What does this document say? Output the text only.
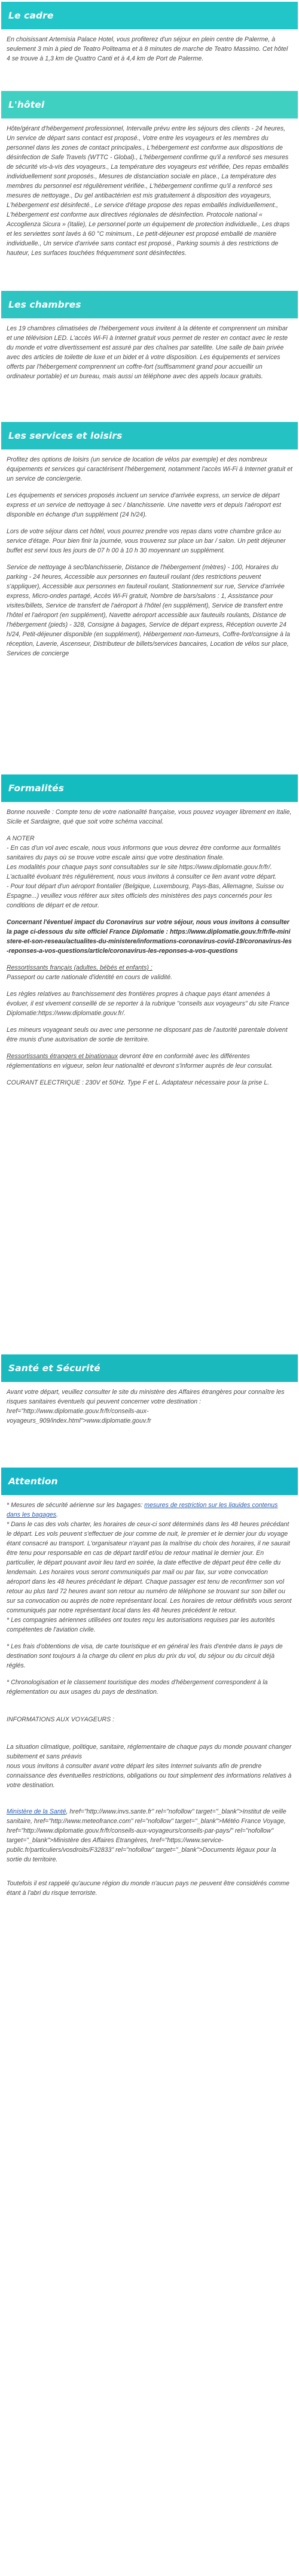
Le cadre

En choisissant Artemisia Palace Hotel, vous profiterez d'un séjour en plein centre de Palerme, à seulement 3 min à pied de Teatro Politeama et à 8 minutes de marche de Teatro Massimo. Cet hôtel 4 se trouve à 1,3 km de Quattro Canti et à 4,4 km de Port de Palerme.

L'hôtel

Hôte/gérant d'hébergement professionnel, Intervalle prévu entre les séjours des clients - 24 heures, Un service de départ sans contact est proposé., Votre entre les voyageurs et les membres du personnel dans les zones de contact principales., L'hébergement est conforme aux dispositions de désinfection de Safe Travels (WTTC - Global)., L'hébergement confirme qu'il a renforcé ses mesures de sécurité vis-à-vis des voyageurs., La température des voyageurs est vérifiée, Des repas emballés individuellement sont proposés., Mesures de distanciation sociale en place., La température des membres du personnel est régulièrement vérifiée., L'hébergement confirme qu'il a renforcé ses mesures de nettoyage., Du gel antibactérien est mis gratuitement à disposition des voyageurs, L'hébergement est désinfecté., Le service d'étage propose des repas emballés individuellement., L'hébergement est conforme aux directives régionales de désinfection. Protocole national « Accoglienza Sicura » (Italie), Le personnel porte un équipement de protection individuelle., Les draps et les serviettes sont lavés à 60 °C minimum., Le petit-déjeuner est proposé emballé de manière individuelle., Un service d'arrivée sans contact est proposé., Parking soumis à des restrictions de hauteur, Les surfaces touchées fréquemment sont désinfectées.

Les chambres

Les 19 chambres climatisées de l'hébergement vous invitent à la détente et comprennent un minibar et une télévision LED. L'accès Wi-Fi à Internet gratuit vous permet de rester en contact avec le reste du monde et votre divertissement est assuré par des chaînes par satellite. Une salle de bain privée avec des articles de toilette de luxe et un bidet et à votre disposition. Les équipements et services offerts par l'hébergement comprennent un coffre-fort (suffisamment grand pour accueillir un ordinateur portable) et un bureau, mais aussi un téléphone avec des appels locaux gratuits.

Les services et loisirs

Profitez des options de loisirs (un service de location de vélos par exemple) et des nombreux équipements et services qui caractérisent l'hébergement, notamment l'accès Wi-Fi à Internet gratuit et un service de conciergerie.

Les équipements et services proposés incluent un service d'arrivée express, un service de départ express et un service de nettoyage à sec / blanchisserie. Une navette vers et depuis l'aéroport est disponible en échange d'un supplément (24 h/24).

Lors de votre séjour dans cet hôtel, vous pourrez prendre vos repas dans votre chambre grâce au service d'étage. Pour bien finir la journée, vous trouverez sur place un bar / salon. Un petit déjeuner buffet est servi tous les jours de 07 h 00 à 10 h 30 moyennant un supplément.

Service de nettoyage à sec/blanchisserie, Distance de l'hébergement (mètres) - 100, Horaires du parking - 24 heures, Accessible aux personnes en fauteuil roulant (des restrictions peuvent s'appliquer), Accessible aux personnes en fauteuil roulant, Stationnement sur rue, Service d'arrivée express, Micro-ondes partagé, Accès Wi-Fi gratuit, Nombre de bars/salons : 1, Assistance pour visites/billets, Service de transfert de l'aéroport à l'hôtel (en supplément), Service de transfert entre l'hôtel et l'aéroport (en supplément), Navette aéroport accessible aux fauteuils roulants, Distance de l'hébergement (pieds) - 328, Consigne à bagages, Service de départ express, Réception ouverte 24 h/24, Petit-déjeuner disponible (en supplément), Hébergement non-fumeurs, Coffre-fort/consigne à la réception, Laverie, Ascenseur, Distributeur de billets/services bancaires, Location de vélos sur place, Services de concierge

Formalités

Bonne nouvelle : Compte tenu de votre nationalité française, vous pouvez voyager librement en Italie, Sicile et Sardaigne, qué que soit votre schéma vaccinal.

A NOTER
- En cas d'un vol avec escale, nous vous informons que vous devrez être conforme aux formalités sanitaires du pays où se trouve votre escale ainsi que votre destination finale.
Les modalités pour chaque pays sont consultables sur le site https://www.diplomatie.gouv.fr/fr/. L'actualité évoluant très régulièrement, nous vous invitons à consulter ce lien avant votre départ.
- Pour tout départ d'un aéroport frontalier (Belgique, Luxembourg, Pays-Bas, Allemagne, Suisse ou Espagne...) veuillez vous référer aux sites officiels des ministères des pays concernés pour les conditions de départ et de retour.

Concernant l'éventuel impact du Coronavirus sur votre séjour, nous vous invitons à consulter la page ci-dessous du site officiel France Diplomatie : https://www.diplomatie.gouv.fr/fr/le-ministere-et-son-reseau/actualites-du-ministere/informations-coronavirus-covid-19/coronavirus-les-reponses-a-vos-questions/article/coronavirus-les-reponses-a-vos-questions

Ressortissants français (adultes, bébés et enfants) :
Passeport ou carte nationale d'identité en cours de validité.

Les règles relatives au franchissement des frontières propres à chaque pays étant amenées à évoluer, il est vivement conseillé de se reporter à la rubrique "conseils aux voyageurs" du site France Diplomatie:https://www.diplomatie.gouv.fr/.

Les mineurs voyageant seuls ou avec une personne ne disposant pas de l'autorité parentale doivent être munis d'une autorisation de sortie de territoire.

Ressortissants étrangers et binationaux devront être en conformité avec les différentes réglementations en vigueur, selon leur nationalité et devront s'informer auprès de leur consulat.

COURANT ELECTRIQUE : 230V et 50Hz. Type F et L. Adaptateur nécessaire pour la prise L.

Santé et Sécurité

Avant votre départ, veuillez consulter le site du ministère des Affaires étrangères pour connaître les risques sanitaires éventuels qui peuvent concerner votre destination : href="http://www.diplomatie.gouv.fr/fr/conseils-aux-voyageurs_909/index.html">www.diplomatie.gouv.fr

Attention

* Mesures de sécurité aérienne sur les bagages: mesures de restriction sur les liquides contenus dans les bagages.
* Dans le cas des vols charter, les horaires de ceux-ci sont déterminés dans les 48 heures précédant le départ. Les vols peuvent s'effectuer de jour comme de nuit, le premier et le dernier jour du voyage étant consacré au transport. L'organisateur n'ayant pas la maîtrise du choix des horaires, il ne saurait être tenu pour responsable en cas de départ tardif et/ou de retour matinal le dernier jour. En particulier, le départ pouvant avoir lieu tard en soirée, la date effective de départ peut être celle du lendemain. Les horaires vous seront communiqués par mail ou par fax, sur votre convocation aéroport dans les 48 heures précédant le départ. Chaque passager est tenu de reconfirmer son vol retour au plus tard 72 heures avant son retour au numéro de téléphone se trouvant sur son billet ou sur sa convocation ou auprès de notre représentant local. Les horaires de retour définitifs vous seront communiqués par notre représentant local dans les 48 heures précédent le retour.
* Les compagnies aériennes utilisées ont toutes reçu les autorisations requises par les autorités compétentes de l'aviation civile.

* Les frais d'obtentions de visa, de carte touristique et en général les frais d'entrée dans le pays de destination sont toujours à la charge du client en plus du prix du vol, du séjour ou du circuit déjà réglés.

* Chronologisation et le classement touristique des modes d'hébergement correspondent à la réglementation ou aux usages du pays de destination.

INFORMATIONS AUX VOYAGEURS :

La situation climatique, politique, sanitaire, réglementaire de chaque pays du monde pouvant changer subitement et sans préavis
nous vous invitons à consulter avant votre départ les sites Internet suivants afin de prendre connaissance des éventuelles restrictions, obligations ou tout simplement des informations relatives à votre destination.

Ministère de la Santé, href="http://www.invs.sante.fr" rel="nofollow" target="_blank">Institut de veille sanitaire, href="http://www.meteofrance.com" rel="nofollow" target="_blank">Météo France Voyage, href="http://www.diplomatie.gouv.fr/fr/conseils-aux-voyageurs/conseils-par-pays/" rel="nofollow" target="_blank">Ministère des Affaires Etrangères, href="https://www.service-public.fr/particuliers/vosdroits/F32833" rel="nofollow" target="_blank">Documents légaux pour la sortie du territoire.

Toutefois il est rappelé qu'aucune région du monde n'aucun pays ne peuvent être considérés comme étant à l'abri du risque terroriste.
